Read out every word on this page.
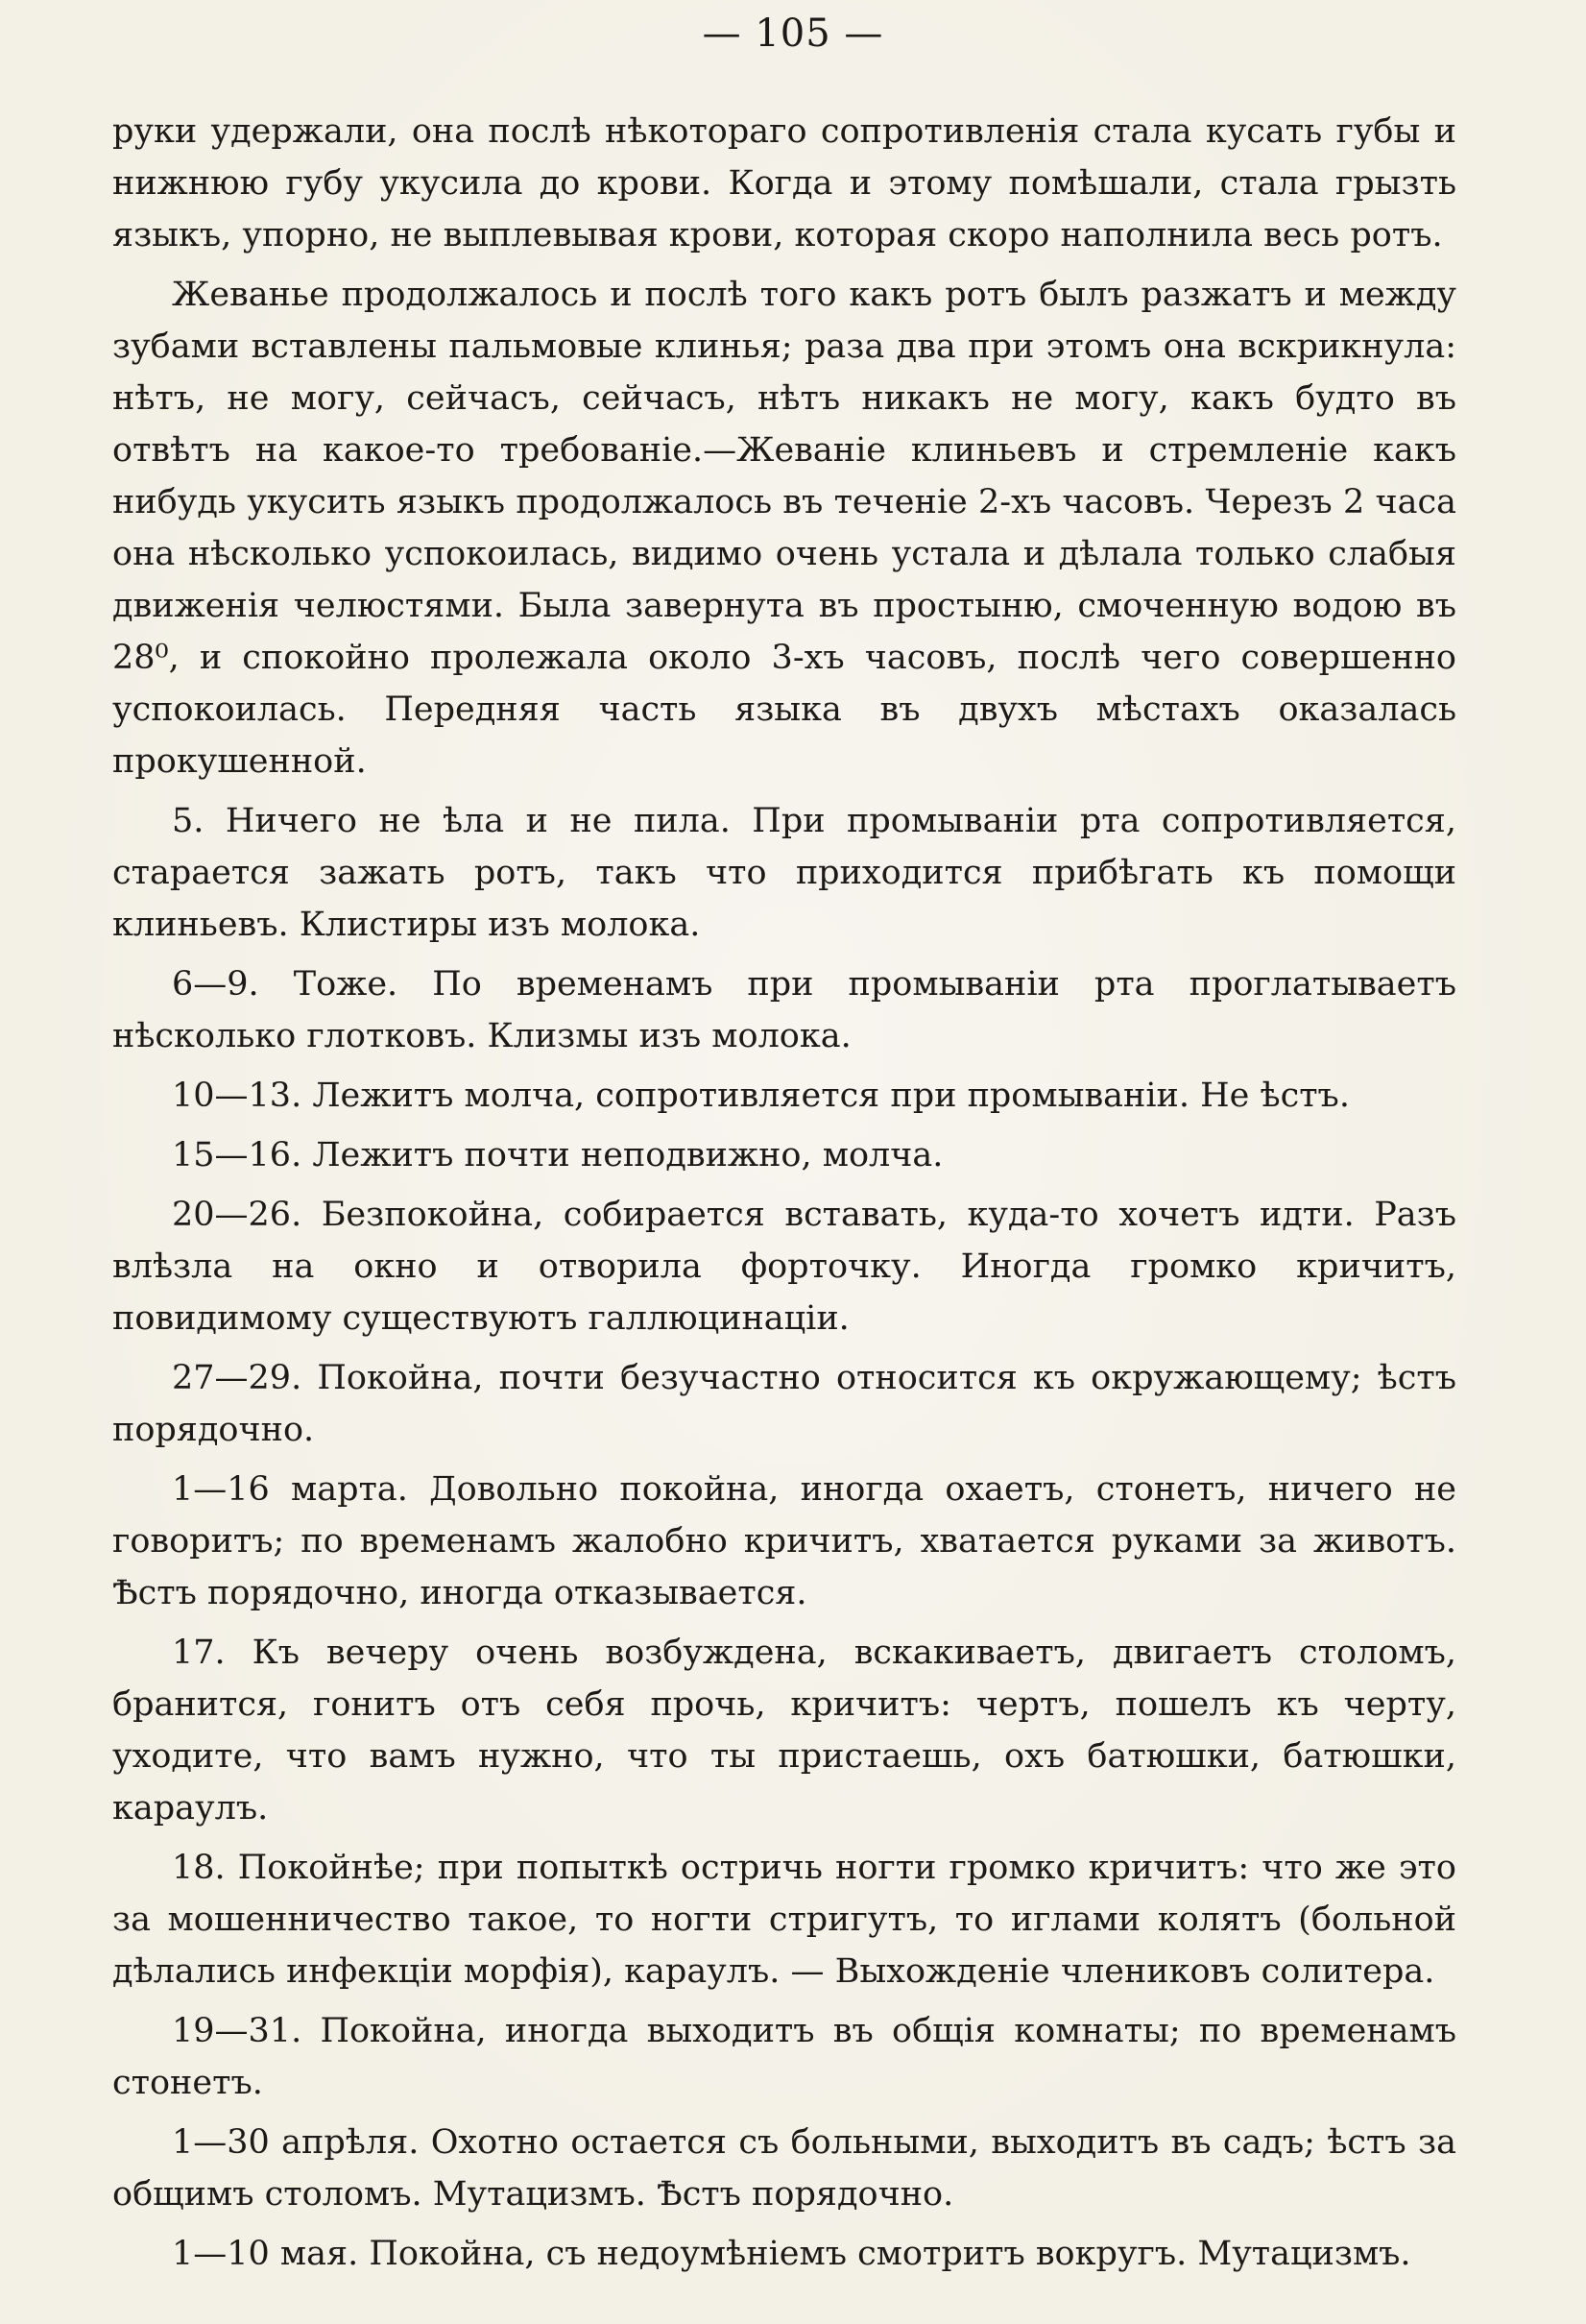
— 105 —

руки удержали, она послѣ нѣкотораго сопротивленія стала кусать губы и нижнюю губу укусила до крови. Когда и этому помѣшали, стала грызть языкъ, упорно, не выплевывая крови, которая скоро наполнила весь ротъ.

Жеванье продолжалось и послѣ того какъ ротъ былъ разжатъ и между зубами вставлены пальмовые клинья; раза два при этомъ она вскрикнула: нѣтъ, не могу, сейчасъ, сейчасъ, нѣтъ никакъ не могу, какъ будто въ отвѣтъ на какое-то требованіе.—Жеваніе клиньевъ и стремленіе какъ нибудь укусить языкъ продолжалось въ теченіе 2-хъ часовъ. Черезъ 2 часа она нѣсколько успокоилась, видимо очень устала и дѣлала только слабыя движенія челюстями. Была завернута въ простыню, смоченную водою въ 28⁰, и спокойно пролежала около 3-хъ часовъ, послѣ чего совершенно успокоилась. Передняя часть языка въ двухъ мѣстахъ оказалась прокушенной.

5. Ничего не ѣла и не пила. При промываніи рта сопротивляется, старается зажать ротъ, такъ что приходится прибѣгать къ помощи клиньевъ. Клистиры изъ молока.

6—9. Тоже. По временамъ при промываніи рта проглатываетъ нѣсколько глотковъ. Клизмы изъ молока.

10—13. Лежитъ молча, сопротивляется при промываніи. Не ѣстъ.

15—16. Лежитъ почти неподвижно, молча.

20—26. Безпокойна, собирается вставать, куда-то хочетъ идти. Разъ влѣзла на окно и отворила форточку. Иногда громко кричитъ, повидимому существуютъ галлюцинаціи.

27—29. Покойна, почти безучастно относится къ окружающему; ѣстъ порядочно.

1—16 марта. Довольно покойна, иногда охаетъ, стонетъ, ничего не говоритъ; по временамъ жалобно кричитъ, хватается руками за животъ. Ѣстъ порядочно, иногда отказывается.

17. Къ вечеру очень возбуждена, вскакиваетъ, двигаетъ столомъ, бранится, гонитъ отъ себя прочь, кричитъ: чертъ, пошелъ къ черту, уходите, что вамъ нужно, что ты пристаешь, охъ батюшки, батюшки, караулъ.

18. Покойнѣе; при попыткѣ остричь ногти громко кричитъ: что же это за мошенничество такое, то ногти стригутъ, то иглами колятъ (больной дѣлались инфекціи морфія), караулъ. — Выхожденіе члениковъ солитера.

19—31. Покойна, иногда выходитъ въ общія комнаты; по временамъ стонетъ.

1—30 апрѣля. Охотно остается съ больными, выходитъ въ садъ; ѣстъ за общимъ столомъ. Мутацизмъ. Ѣстъ порядочно.

1—10 мая. Покойна, съ недоумѣніемъ смотритъ вокругъ. Мутацизмъ.
